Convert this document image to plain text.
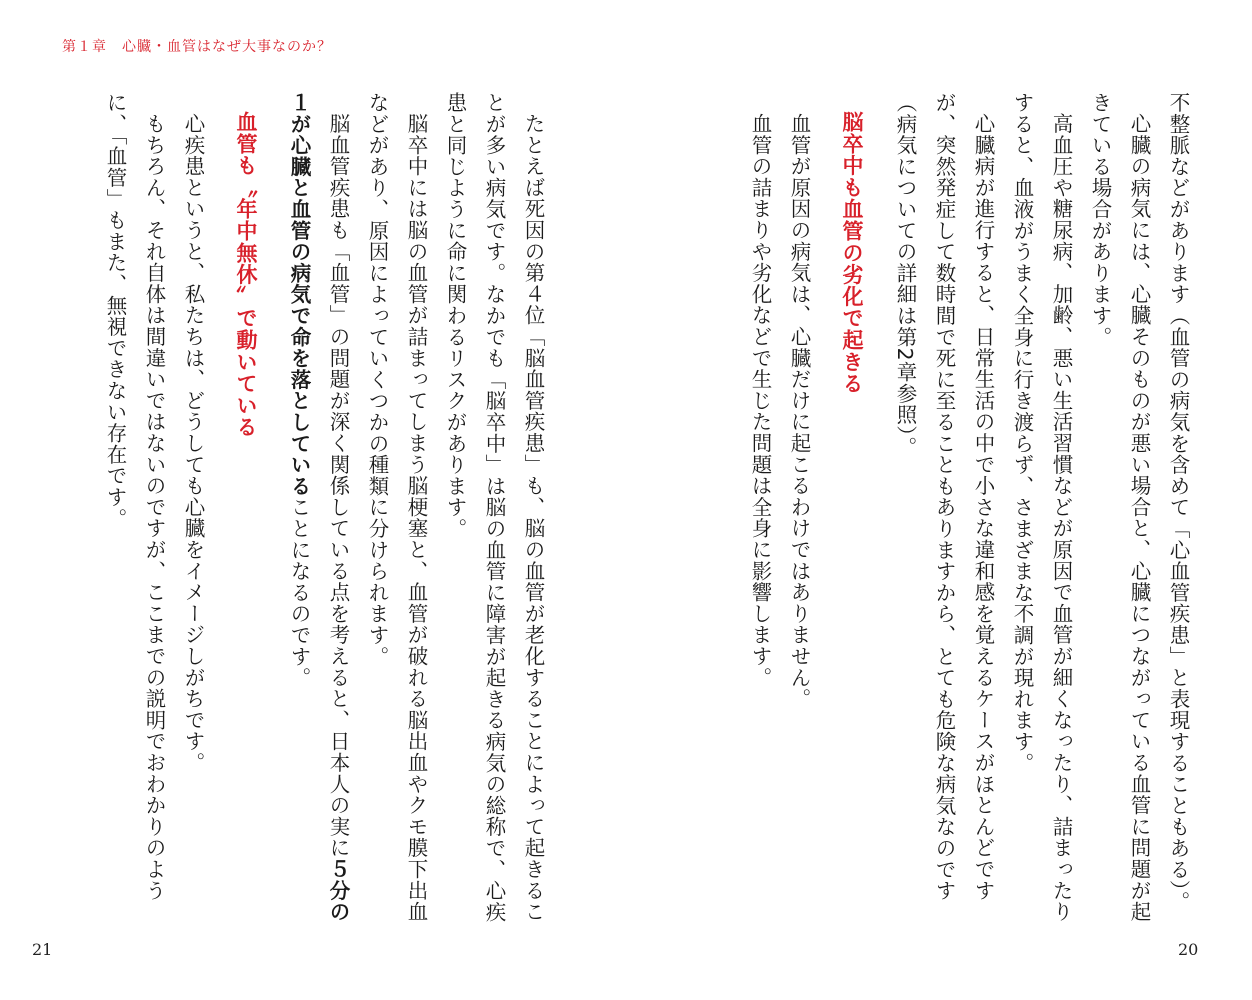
第１章　心臓・血管はなぜ大事なのか？

不整脈などがあります（血管の病気を含めて「心血管疾患」と表現することもある）。

心臓の病気には、心臓そのものが悪い場合と、心臓につながっている血管に問題が起きている場合があります。

高血圧や糖尿病、加齢、悪い生活習慣などが原因で血管が細くなったり、詰まったりすると、血液がうまく全身に行き渡らず、さまざまな不調が現れます。

心臓病が進行すると、日常生活の中で小さな違和感を覚えるケースがほとんどですが、突然発症して数時間で死に至ることもありますから、とても危険な病気なのです（病気についての詳細は第2章参照）。

脳卒中も血管の劣化で起きる

血管が原因の病気は、心臓だけに起こるわけではありません。

血管の詰まりや劣化などで生じた問題は全身に影響します。

たとえば死因の第４位「脳血管疾患」も、脳の血管が老化することによって起きることが多い病気です。なかでも「脳卒中」は脳の血管に障害が起きる病気の総称で、心疾患と同じように命に関わるリスクがあります。

脳卒中には脳の血管が詰まってしまう脳梗塞と、血管が破れる脳出血やクモ膜下出血などがあり、原因によっていくつかの種類に分けられます。

脳血管疾患も「血管」の問題が深く関係している点を考えると、日本人の実に５分の１が心臓と血管の病気で命を落としていることになるのです。

血管も〝年中無休〟で動いている

心疾患というと、私たちは、どうしても心臓をイメージしがちです。

もちろん、それ自体は間違いではないのですが、ここまでの説明でおわかりのように、「血管」もまた、無視できない存在です。

21	20
